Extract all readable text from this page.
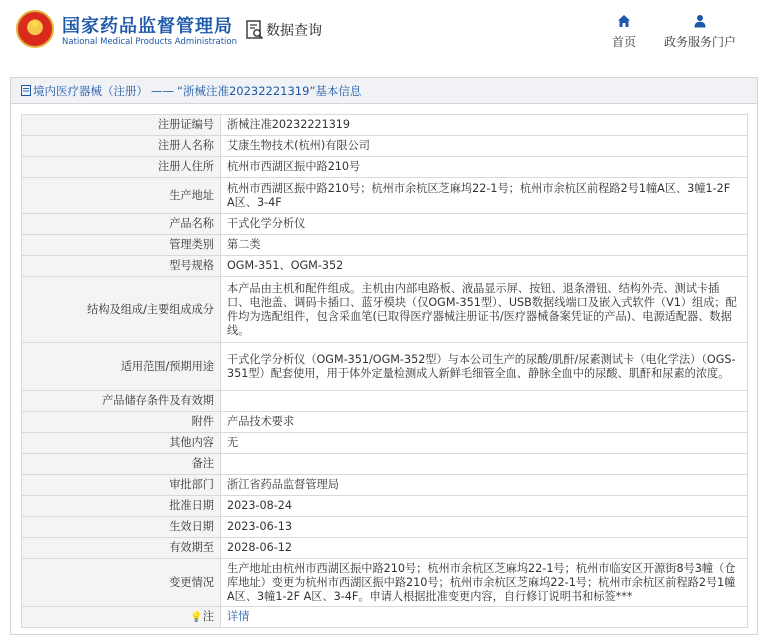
★ 国家药品监督管理局
National Medical Products Administration
数据查询
首页	政务服务门户
境内医疗器械（注册） —— “浙械注准20232221319”基本信息
注册证编号	浙械注准20232221319
注册人名称	艾康生物技术(杭州)有限公司
注册人住所	杭州市西湖区振中路210号
生产地址	杭州市西湖区振中路210号；杭州市余杭区芝麻坞22-1号；杭州市余杭区前程路2号1幢A区、3幢1-2F A区、3-4F
产品名称	干式化学分析仪
管理类别	第二类
型号规格	OGM-351、OGM-352
结构及组成/主要组成成分	本产品由主机和配件组成。主机由内部电路板、液晶显示屏、按钮、退条滑钮、结构外壳、测试卡插口、电池盖、调码卡插口、蓝牙模块（仅OGM-351型）、USB数据线端口及嵌入式软件（V1）组成；配件均为选配组件，包含采血笔(已取得医疗器械注册证书/医疗器械备案凭证的产品)、电源适配器、数据线。
适用范围/预期用途	干式化学分析仪（OGM-351/OGM-352型）与本公司生产的尿酸/肌酐/尿素测试卡（电化学法）（OGS-351型）配套使用，用于体外定量检测成人新鲜毛细管全血、静脉全血中的尿酸、肌酐和尿素的浓度。
产品储存条件及有效期	
附件	产品技术要求
其他内容	无
备注	
审批部门	浙江省药品监督管理局
批准日期	2023-08-24
生效日期	2023-06-13
有效期至	2028-06-12
变更情况	生产地址由杭州市西湖区振中路210号；杭州市余杭区芝麻坞22-1号；杭州市临安区开源街8号3幢（仓库地址）变更为杭州市西湖区振中路210号；杭州市余杭区芝麻坞22-1号；杭州市余杭区前程路2号1幢A区、3幢1-2F A区、3-4F。申请人根据批准变更内容，自行修订说明书和标签***
💡注	详情
